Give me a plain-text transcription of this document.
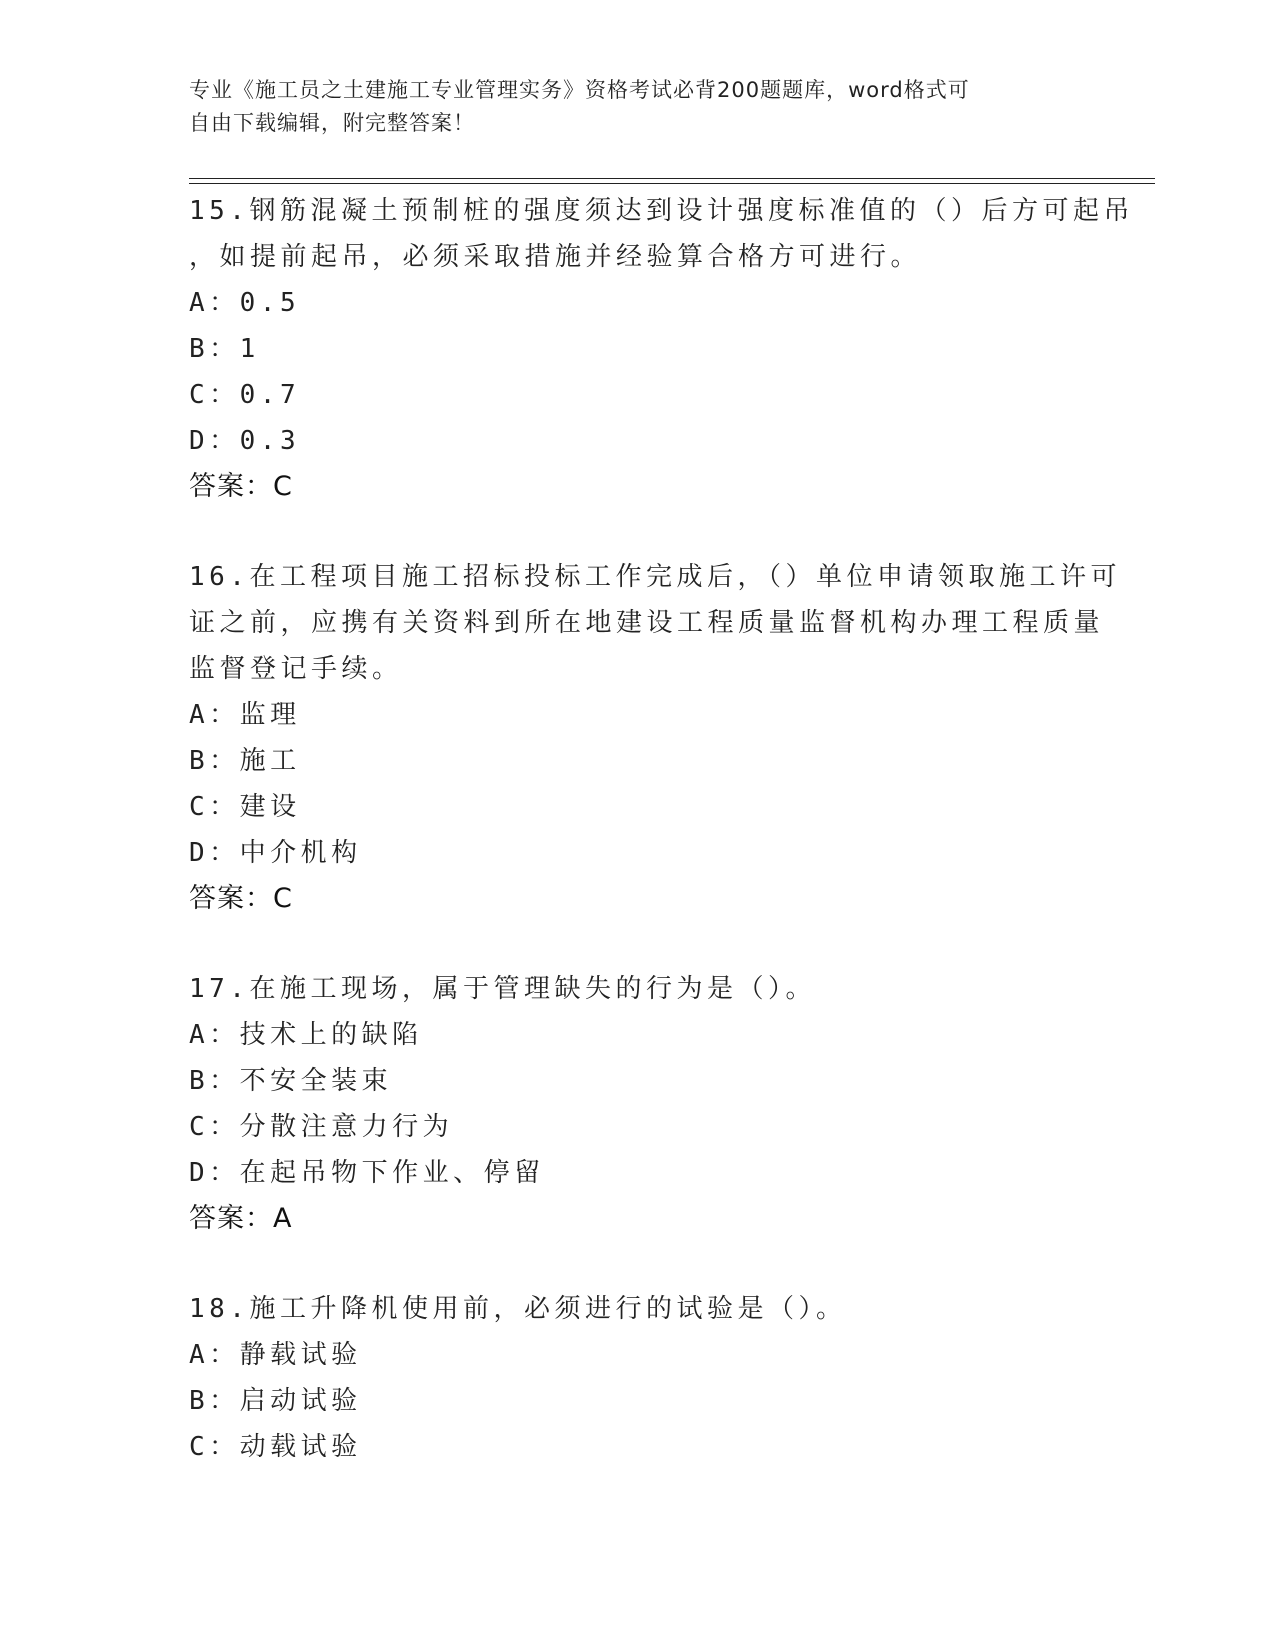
专业《施工员之土建施工专业管理实务》资格考试必背200题题库，word格式可
自由下载编辑，附完整答案！
15.钢筋混凝土预制桩的强度须达到设计强度标准值的（）后方可起吊
，如提前起吊，必须采取措施并经验算合格方可进行。
A：0.5
B：1
C：0.7
D：0.3
答案：C
16.在工程项目施工招标投标工作完成后，（）单位申请领取施工许可
证之前，应携有关资料到所在地建设工程质量监督机构办理工程质量
监督登记手续。
A：监理
B：施工
C：建设
D：中介机构
答案：C
17.在施工现场，属于管理缺失的行为是（）。
A：技术上的缺陷
B：不安全装束
C：分散注意力行为
D：在起吊物下作业、停留
答案：A
18.施工升降机使用前，必须进行的试验是（）。
A：静载试验
B：启动试验
C：动载试验
